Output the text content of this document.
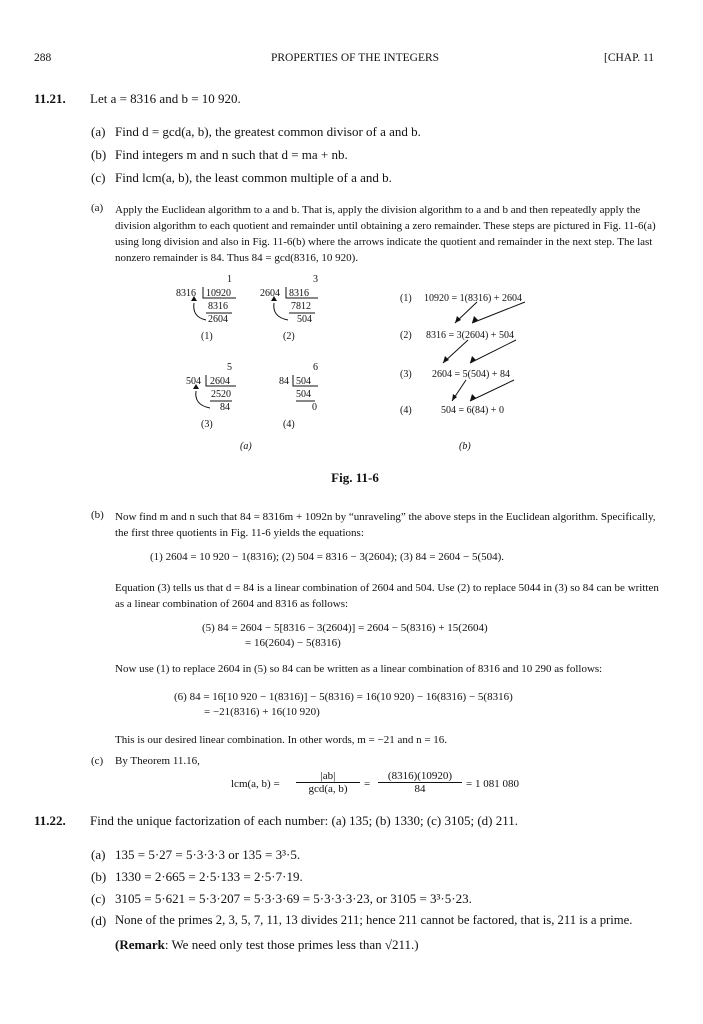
288	PROPERTIES OF THE INTEGERS	[CHAP. 11
11.21. Let a = 8316 and b = 10 920.
(a) Find d = gcd(a, b), the greatest common divisor of a and b.
(b) Find integers m and n such that d = ma + nb.
(c) Find lcm(a, b), the least common multiple of a and b.
(a) Apply the Euclidean algorithm to a and b. That is, apply the division algorithm to a and b and then repeatedly apply the division algorithm to each quotient and remainder until obtaining a zero remainder. These steps are pictured in Fig. 11-6(a) using long division and also in Fig. 11-6(b) where the arrows indicate the quotient and remainder in the next step. The last nonzero remainder is 84. Thus 84 = gcd(8316, 10 920).
1
8316 10920
8316
2604
(1)
3
2604 8316
7812
504
(2)
5
504 2604
2520
84
(3)
6
84 504
504
0
(4)
(a)
(1) 10920 = 1(8316) + 2604
(2) 8316 = 3(2604) + 504
(3) 2604 = 5(504) + 84
(4)	504 = 6(84) + 0
(b)
Fig. 11-6
(b) Now find m and n such that 84 = 8316m + 1092n by “unraveling” the above steps in the Euclidean algorithm. Specifically, the first three quotients in Fig. 11-6 yields the equations:
(1) 2604 = 10 920 − 1(8316); (2) 504 = 8316 − 3(2604); (3) 84 = 2604 − 5(504).
Equation (3) tells us that d = 84 is a linear combination of 2604 and 504. Use (2) to replace 5044 in (3) so 84 can be written as a linear combination of 2604 and 8316 as follows:
(5) 84 = 2604 − 5[8316 − 3(2604)] = 2604 − 5(8316) + 15(2604)
= 16(2604) − 5(8316)
Now use (1) to replace 2604 in (5) so 84 can be written as a linear combination of 8316 and 10 290 as follows:
(6) 84 = 16[10 920 − 1(8316)] − 5(8316) = 16(10 920) − 16(8316) − 5(8316)
= −21(8316) + 16(10 920)
This is our desired linear combination. In other words, m = −21 and n = 16.
(c) By Theorem 11.16,
lcm(a, b) =
|ab|
gcd(a, b)	=
(8316)(10920)
84	= 1 081 080
11.22. Find the unique factorization of each number: (a) 135; (b) 1330; (c) 3105; (d) 211.
(a) 135 = 5·27 = 5·3·3·3 or 135 = 3³·5.
(b) 1330 = 2·665 = 2·5·133 = 2·5·7·19.
(c) 3105 = 5·621 = 5·3·207 = 5·3·3·69 = 5·3·3·3·23, or 3105 = 3³·5·23.
(d) None of the primes 2, 3, 5, 7, 11, 13 divides 211; hence 211 cannot be factored, that is, 211 is a prime.
(Remark: We need only test those primes less than √211.)
